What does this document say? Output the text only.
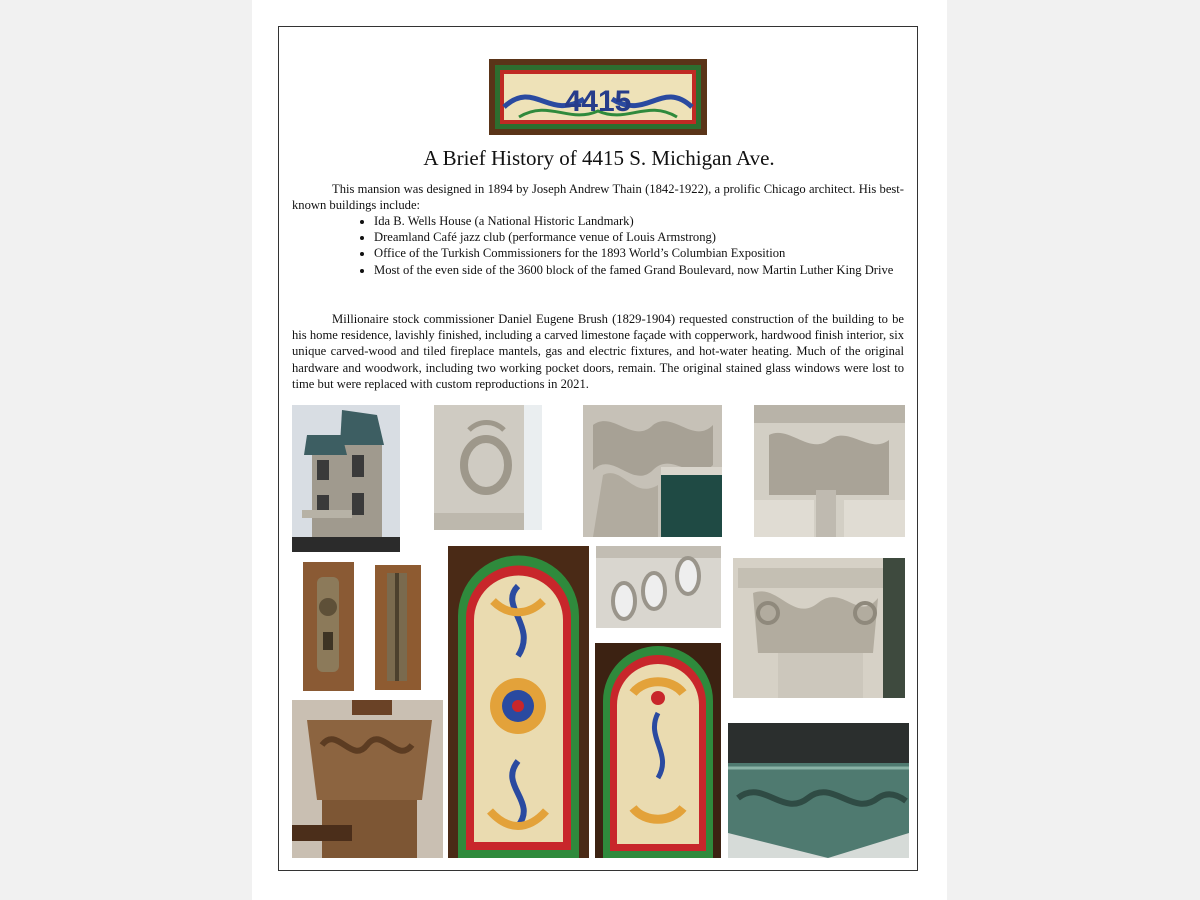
4415
A Brief History of 4415 S. Michigan Ave.

This mansion was designed in 1894 by Joseph Andrew Thain (1842-1922), a prolific Chicago architect. His best-known buildings include:

• Ida B. Wells House (a National Historic Landmark)
• Dreamland Café jazz club (performance venue of Louis Armstrong)
• Office of the Turkish Commissioners for the 1893 World’s Columbian Exposition
• Most of the even side of the 3600 block of the famed Grand Boulevard, now Martin Luther King Drive

Millionaire stock commissioner Daniel Eugene Brush (1829-1904) requested construction of the building to be his home residence, lavishly finished, including a carved limestone façade with copperwork, hardwood finish interior, six unique carved-wood and tiled fireplace mantels, gas and electric fixtures, and hot-water heating. Much of the original hardware and woodwork, including two working pocket doors, remain. The original stained glass windows were lost to time but were replaced with custom reproductions in 2021.
